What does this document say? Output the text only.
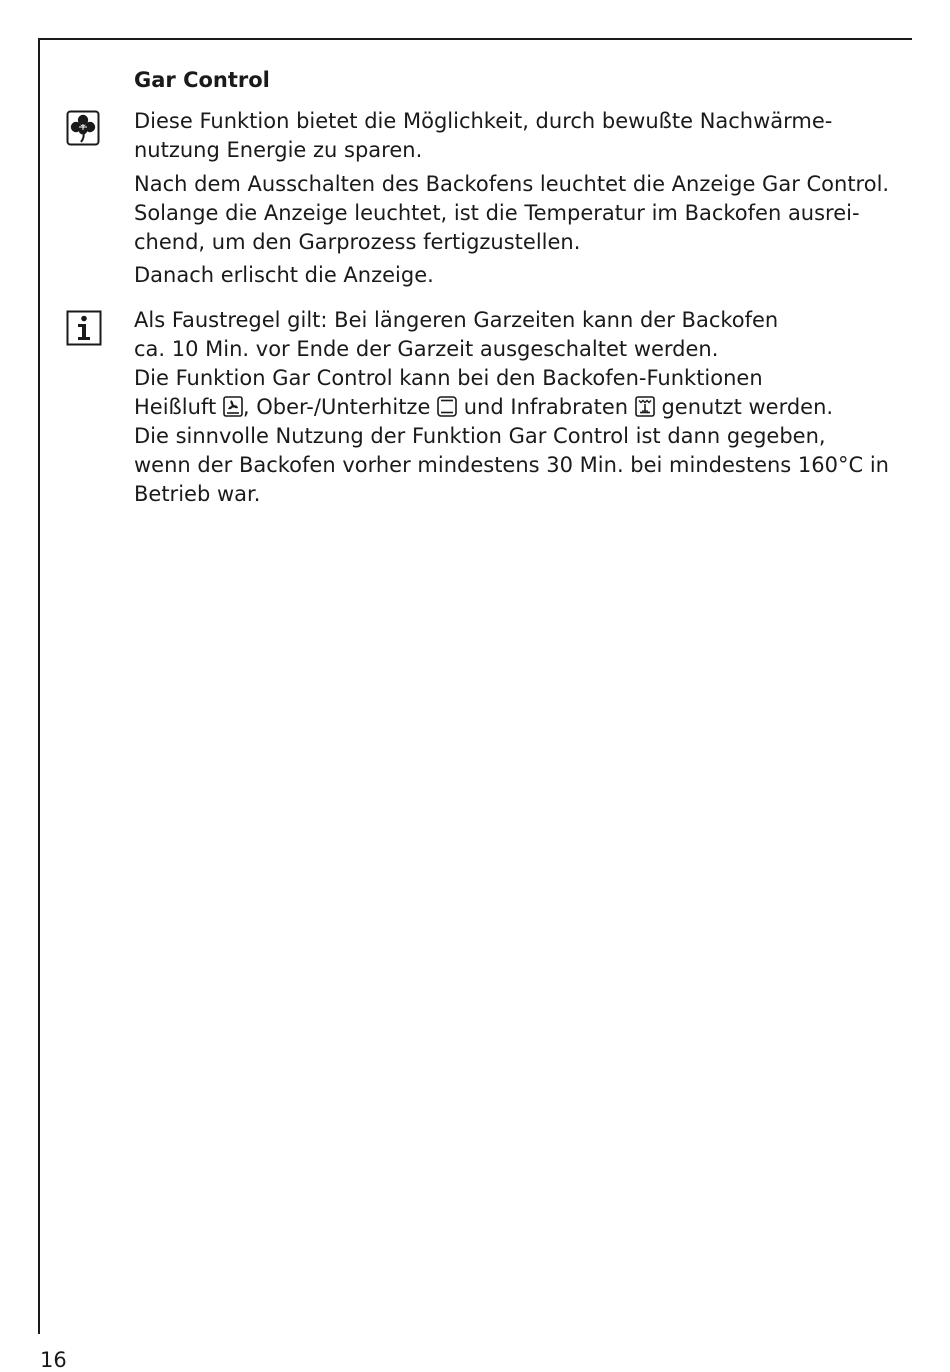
Gar Control
Diese Funktion bietet die Möglichkeit, durch bewußte Nachwärme-
nutzung Energie zu sparen.
Nach dem Ausschalten des Backofens leuchtet die Anzeige Gar Control.
Solange die Anzeige leuchtet, ist die Temperatur im Backofen ausrei-
chend, um den Garprozess fertigzustellen.
Danach erlischt die Anzeige.
Als Faustregel gilt: Bei längeren Garzeiten kann der Backofen
ca. 10 Min. vor Ende der Garzeit ausgeschaltet werden.
Die Funktion Gar Control kann bei den Backofen-Funktionen
Heißluft , Ober-/Unterhitze und Infrabraten genutzt werden.
Die sinnvolle Nutzung der Funktion Gar Control ist dann gegeben,
wenn der Backofen vorher mindestens 30 Min. bei mindestens 160°C in
Betrieb war.
16
